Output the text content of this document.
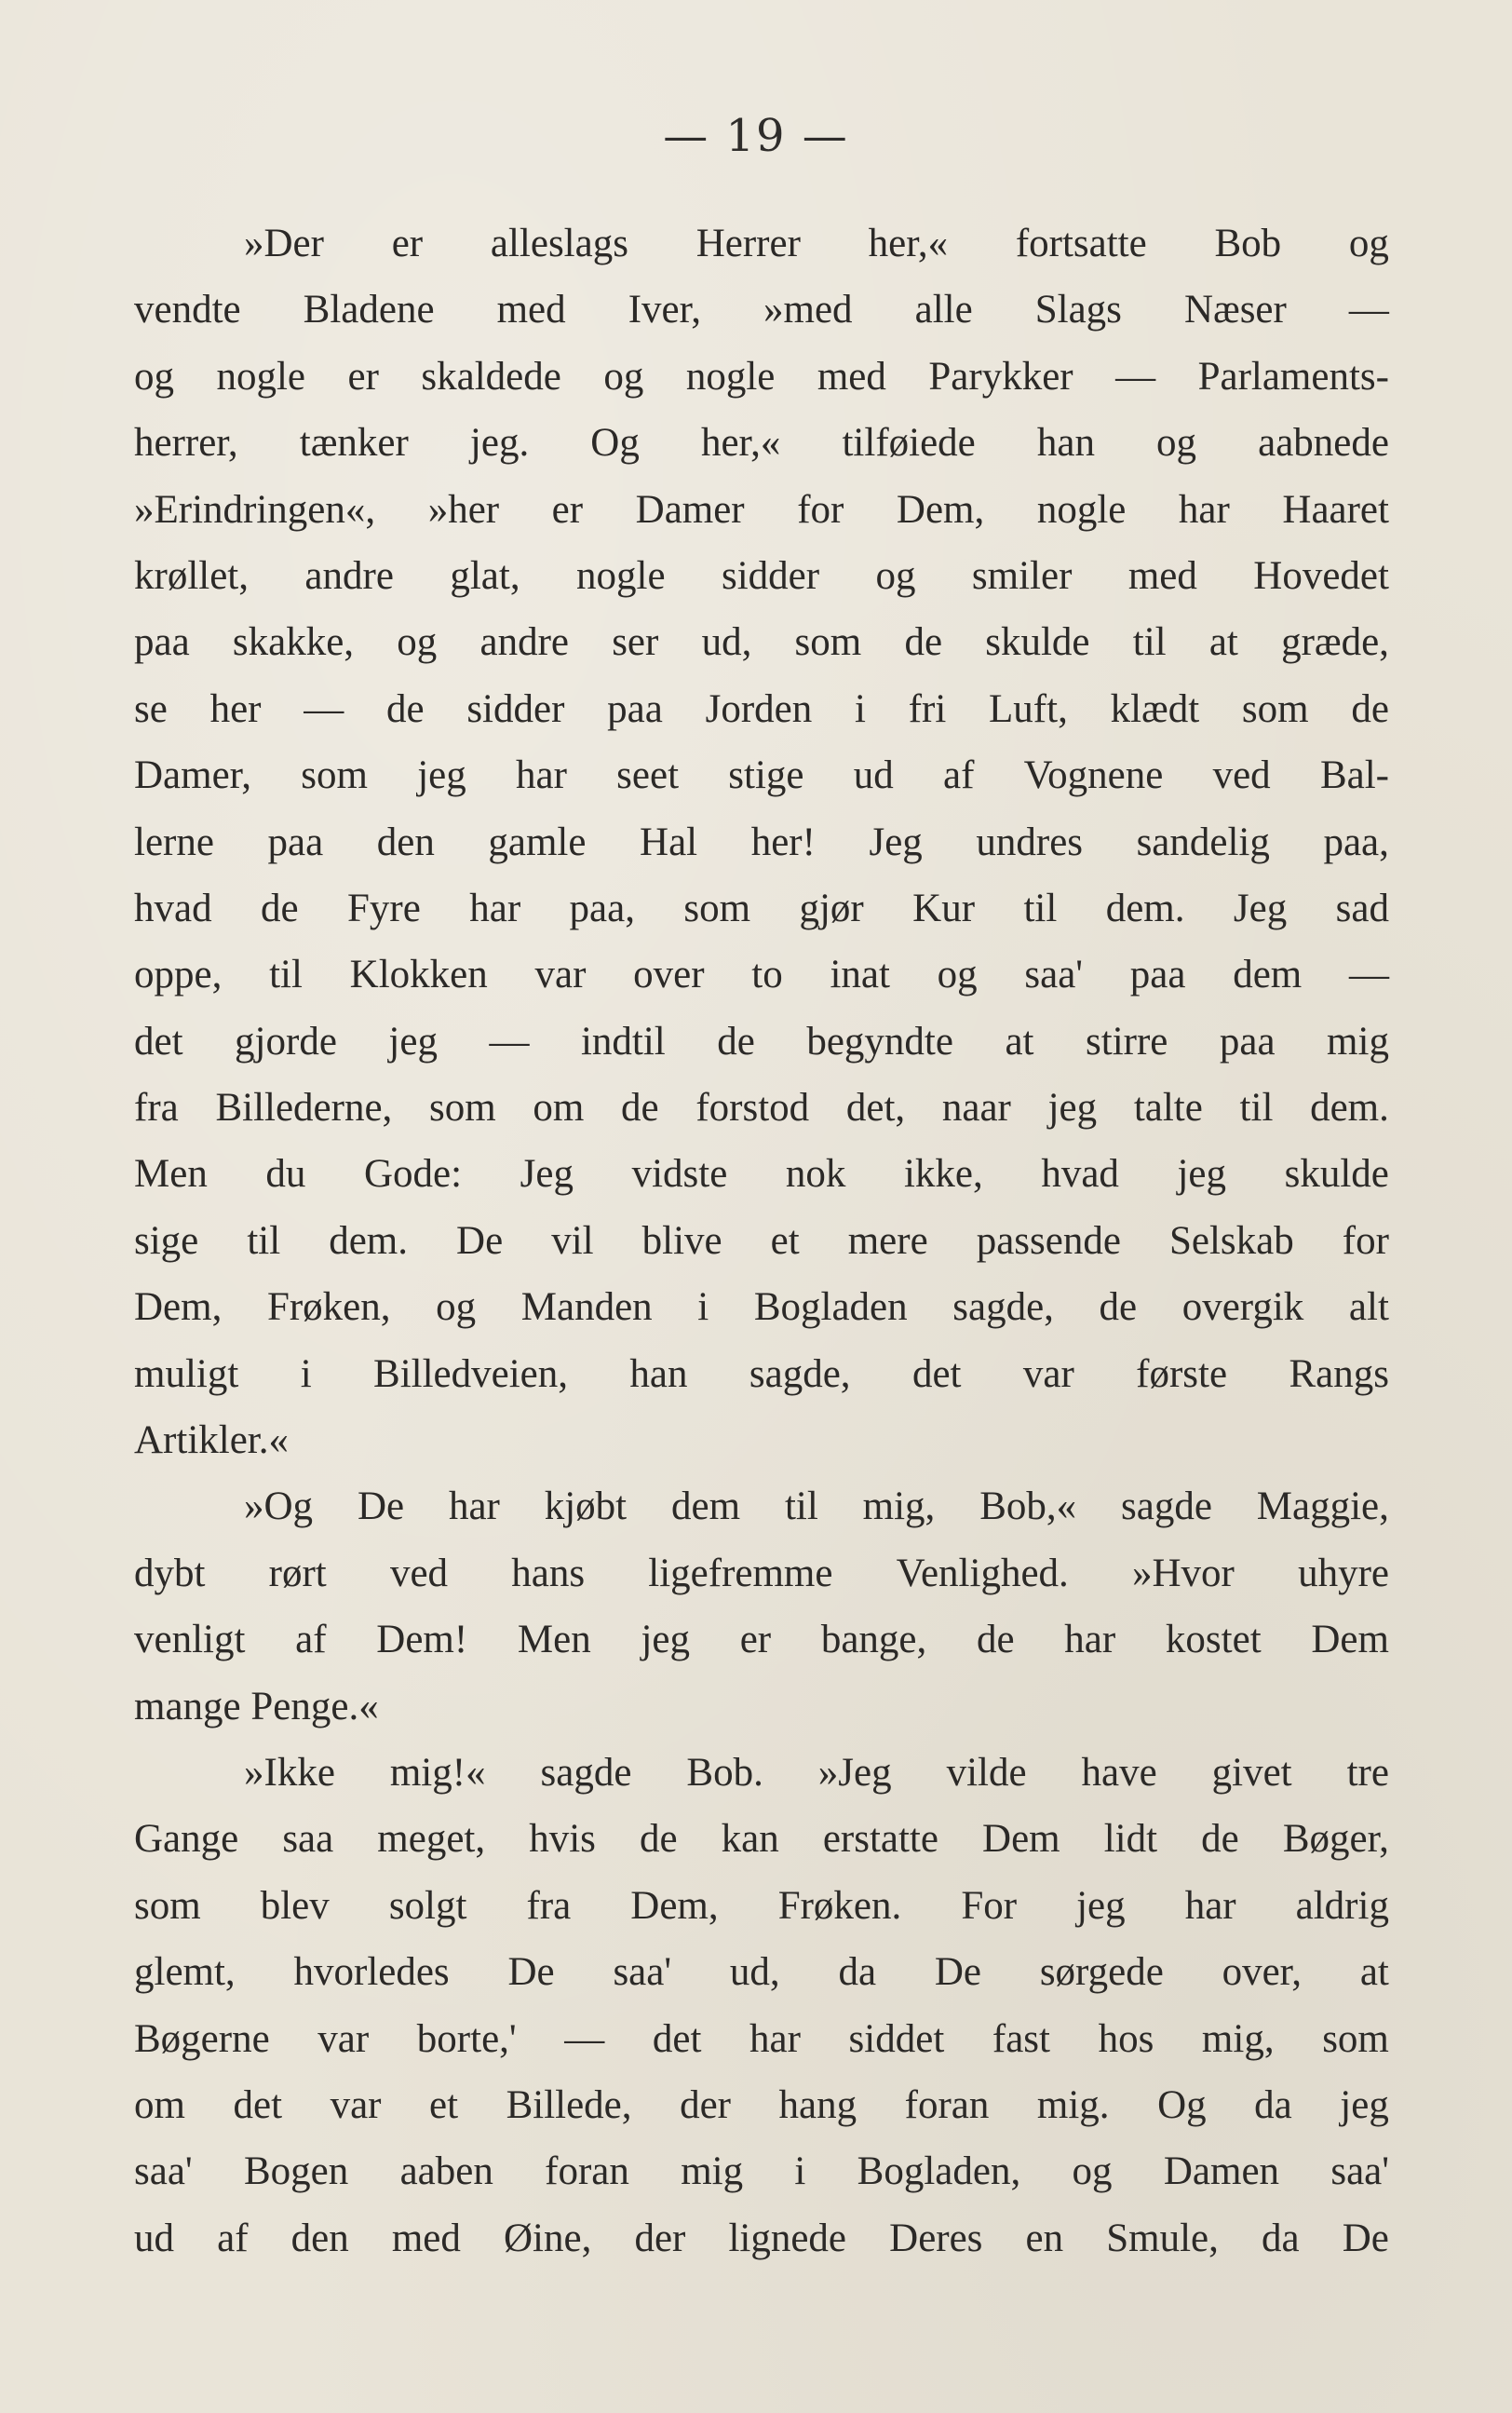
— 19 —
»Der er alleslags Herrer her,« fortsatte Bob og
vendte Bladene med Iver, »med alle Slags Næser —
og nogle er skaldede og nogle med Parykker — Parlaments-
herrer, tænker jeg. Og her,« tilføiede han og aabnede
»Erindringen«, »her er Damer for Dem, nogle har Haaret
krøllet, andre glat, nogle sidder og smiler med Hovedet
paa skakke, og andre ser ud, som de skulde til at græde,
se her — de sidder paa Jorden i fri Luft, klædt som de
Damer, som jeg har seet stige ud af Vognene ved Bal-
lerne paa den gamle Hal her! Jeg undres sandelig paa,
hvad de Fyre har paa, som gjør Kur til dem. Jeg sad
oppe, til Klokken var over to inat og saa' paa dem —
det gjorde jeg — indtil de begyndte at stirre paa mig
fra Billederne, som om de forstod det, naar jeg talte til dem.
Men du Gode: Jeg vidste nok ikke, hvad jeg skulde
sige til dem. De vil blive et mere passende Selskab for
Dem, Frøken, og Manden i Bogladen sagde, de overgik alt
muligt i Billedveien, han sagde, det var første Rangs
Artikler.«
»Og De har kjøbt dem til mig, Bob,« sagde Maggie,
dybt rørt ved hans ligefremme Venlighed. »Hvor uhyre
venligt af Dem! Men jeg er bange, de har kostet Dem
mange Penge.«
»Ikke mig!« sagde Bob. »Jeg vilde have givet tre
Gange saa meget, hvis de kan erstatte Dem lidt de Bøger,
som blev solgt fra Dem, Frøken. For jeg har aldrig
glemt, hvorledes De saa' ud, da De sørgede over, at
Bøgerne var borte,' — det har siddet fast hos mig, som
om det var et Billede, der hang foran mig. Og da jeg
saa' Bogen aaben foran mig i Bogladen, og Damen saa'
ud af den med Øine, der lignede Deres en Smule, da De
